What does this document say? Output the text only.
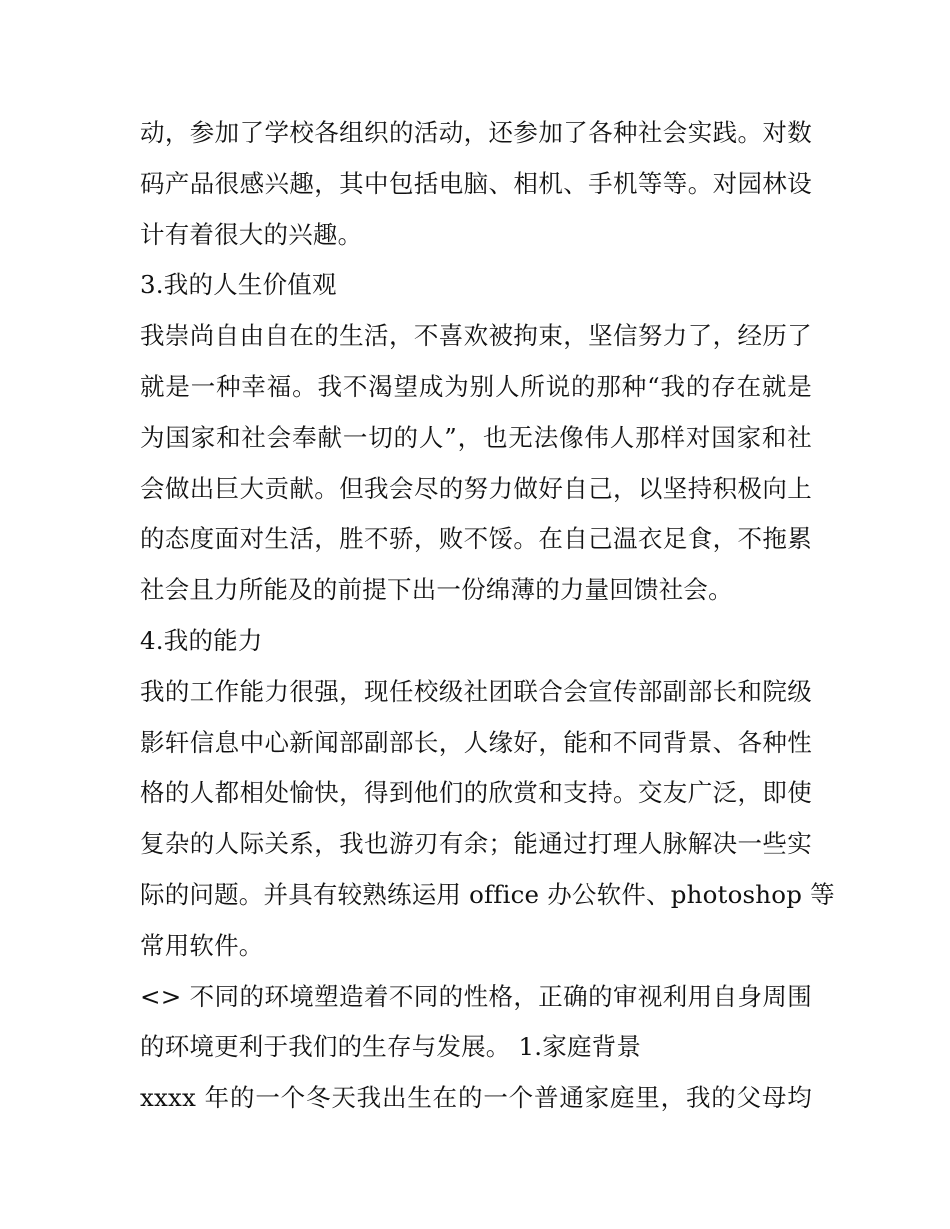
动，参加了学校各组织的活动，还参加了各种社会实践。对数
码产品很感兴趣，其中包括电脑、相机、手机等等。对园林设
计有着很大的兴趣。
3.我的人生价值观
我崇尚自由自在的生活，不喜欢被拘束，坚信努力了，经历了
就是一种幸福。我不渴望成为别人所说的那种“我的存在就是
为国家和社会奉献一切的人”，也无法像伟人那样对国家和社
会做出巨大贡献。但我会尽的努力做好自己，以坚持积极向上
的态度面对生活，胜不骄，败不馁。在自己温衣足食，不拖累
社会且力所能及的前提下出一份绵薄的力量回馈社会。
4.我的能力
我的工作能力很强，现任校级社团联合会宣传部副部长和院级
影轩信息中心新闻部副部长，人缘好，能和不同背景、各种性
格的人都相处愉快，得到他们的欣赏和支持。交友广泛，即使
复杂的人际关系，我也游刃有余；能通过打理人脉解决一些实
际的问题。并具有较熟练运用 office 办公软件、photoshop 等
常用软件。
<> 不同的环境塑造着不同的性格，正确的审视利用自身周围
的环境更利于我们的生存与发展。 1.家庭背景
xxxx 年的一个冬天我出生在的一个普通家庭里，我的父母均
